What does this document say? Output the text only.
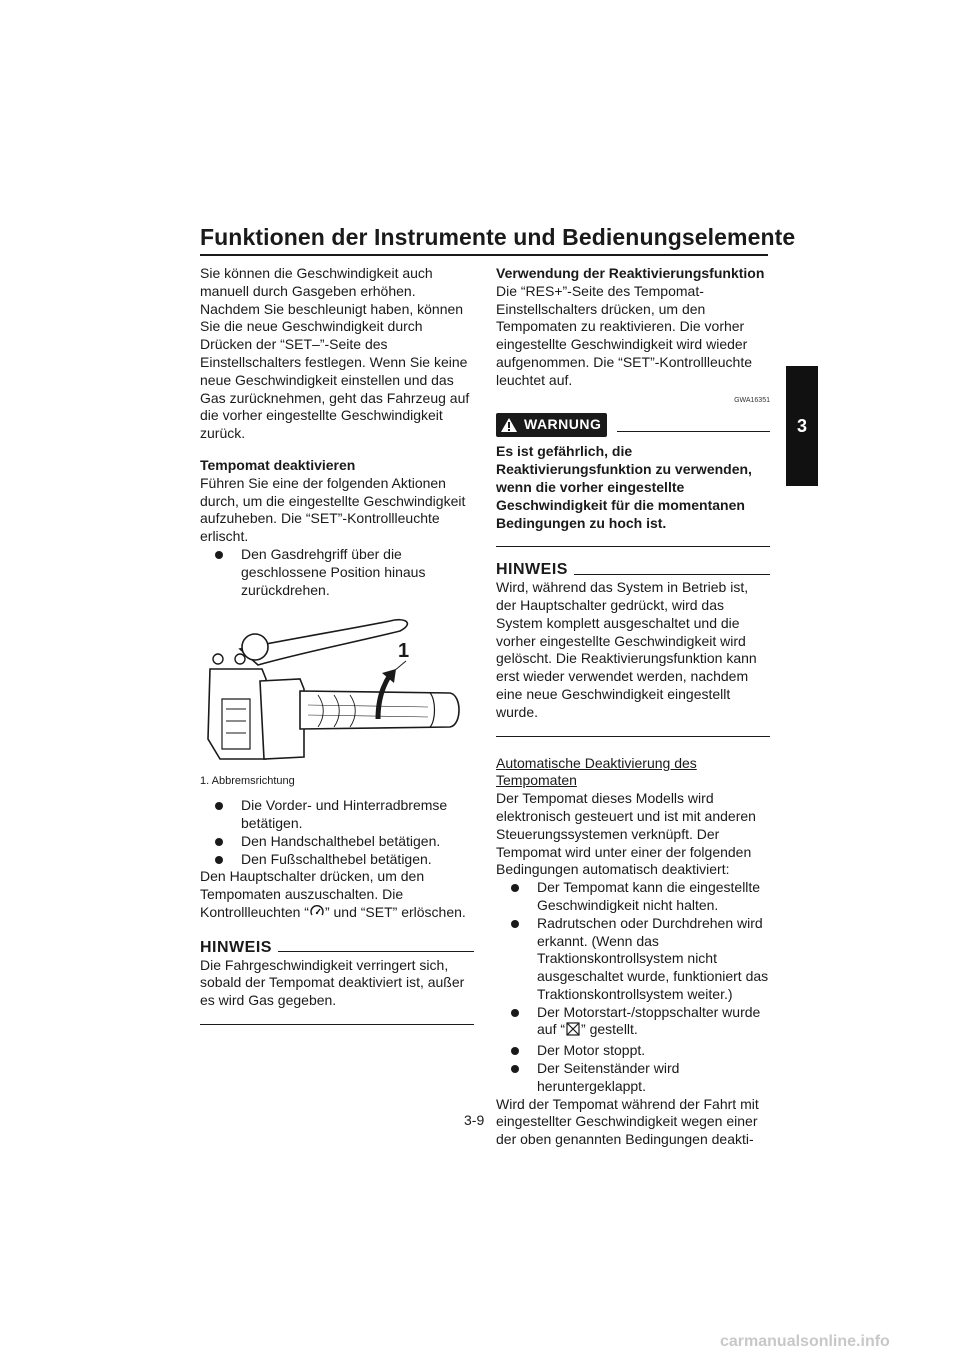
Funktionen der Instrumente und Bedienungselemente
3

Sie können die Geschwindigkeit auch manuell durch Gasgeben erhöhen. Nachdem Sie beschleunigt haben, können Sie die neue Geschwindigkeit durch Drücken der “SET–”-Seite des Einstellschalters festlegen. Wenn Sie keine neue Geschwindigkeit einstellen und das Gas zurücknehmen, geht das Fahrzeug auf die vorher eingestellte Geschwindigkeit zurück.

Tempomat deaktivieren

Führen Sie eine der folgenden Aktionen durch, um die eingestellte Geschwindigkeit aufzuheben. Die “SET”-Kontrollleuchte erlischt.

Den Gasdrehgriff über die geschlossene Position hinaus zurückdrehen.
1

1. Abbremsrichtung

Die Vorder- und Hinterradbremse betätigen.
Den Handschalthebel betätigen.
Den Fußschalthebel betätigen.

Den Hauptschalter drücken, um den Tempomaten auszuschalten. Die Kontrollleuchten “ ” und “SET” erlöschen.

HINWEIS

Die Fahrgeschwindigkeit verringert sich, sobald der Tempomat deaktiviert ist, außer es wird Gas gegeben.

Verwendung der Reaktivierungsfunktion

Die “RES+”-Seite des Tempomat-Einstellschalters drücken, um den Tempomaten zu reaktivieren. Die vorher eingestellte Geschwindigkeit wird wieder aufgenommen. Die “SET”-Kontrollleuchte leuchtet auf.

GWA16351

WARNUNG

Es ist gefährlich, die Reaktivierungsfunktion zu verwenden, wenn die vorher eingestellte Geschwindigkeit für die momentanen Bedingungen zu hoch ist.

HINWEIS

Wird, während das System in Betrieb ist, der Hauptschalter gedrückt, wird das System komplett ausgeschaltet und die vorher eingestellte Geschwindigkeit wird gelöscht. Die Reaktivierungsfunktion kann erst wieder verwendet werden, nachdem eine neue Geschwindigkeit eingestellt wurde.

Automatische Deaktivierung des Tempomaten

Der Tempomat dieses Modells wird elektronisch gesteuert und ist mit anderen Steuerungssystemen verknüpft. Der Tempomat wird unter einer der folgenden Bedingungen automatisch deaktiviert:

Der Tempomat kann die eingestellte Geschwindigkeit nicht halten.
Radrutschen oder Durchdrehen wird erkannt. (Wenn das Traktionskontrollsystem nicht ausgeschaltet wurde, funktioniert das Traktionskontrollsystem weiter.)
Der Motorstart-/stoppschalter wurde auf “ ” gestellt.
Der Motor stoppt.
Der Seitenständer wird heruntergeklappt.

Wird der Tempomat während der Fahrt mit eingestellter Geschwindigkeit wegen einer der oben genannten Bedingungen deakti-

3-9
carmanualsonline.info
